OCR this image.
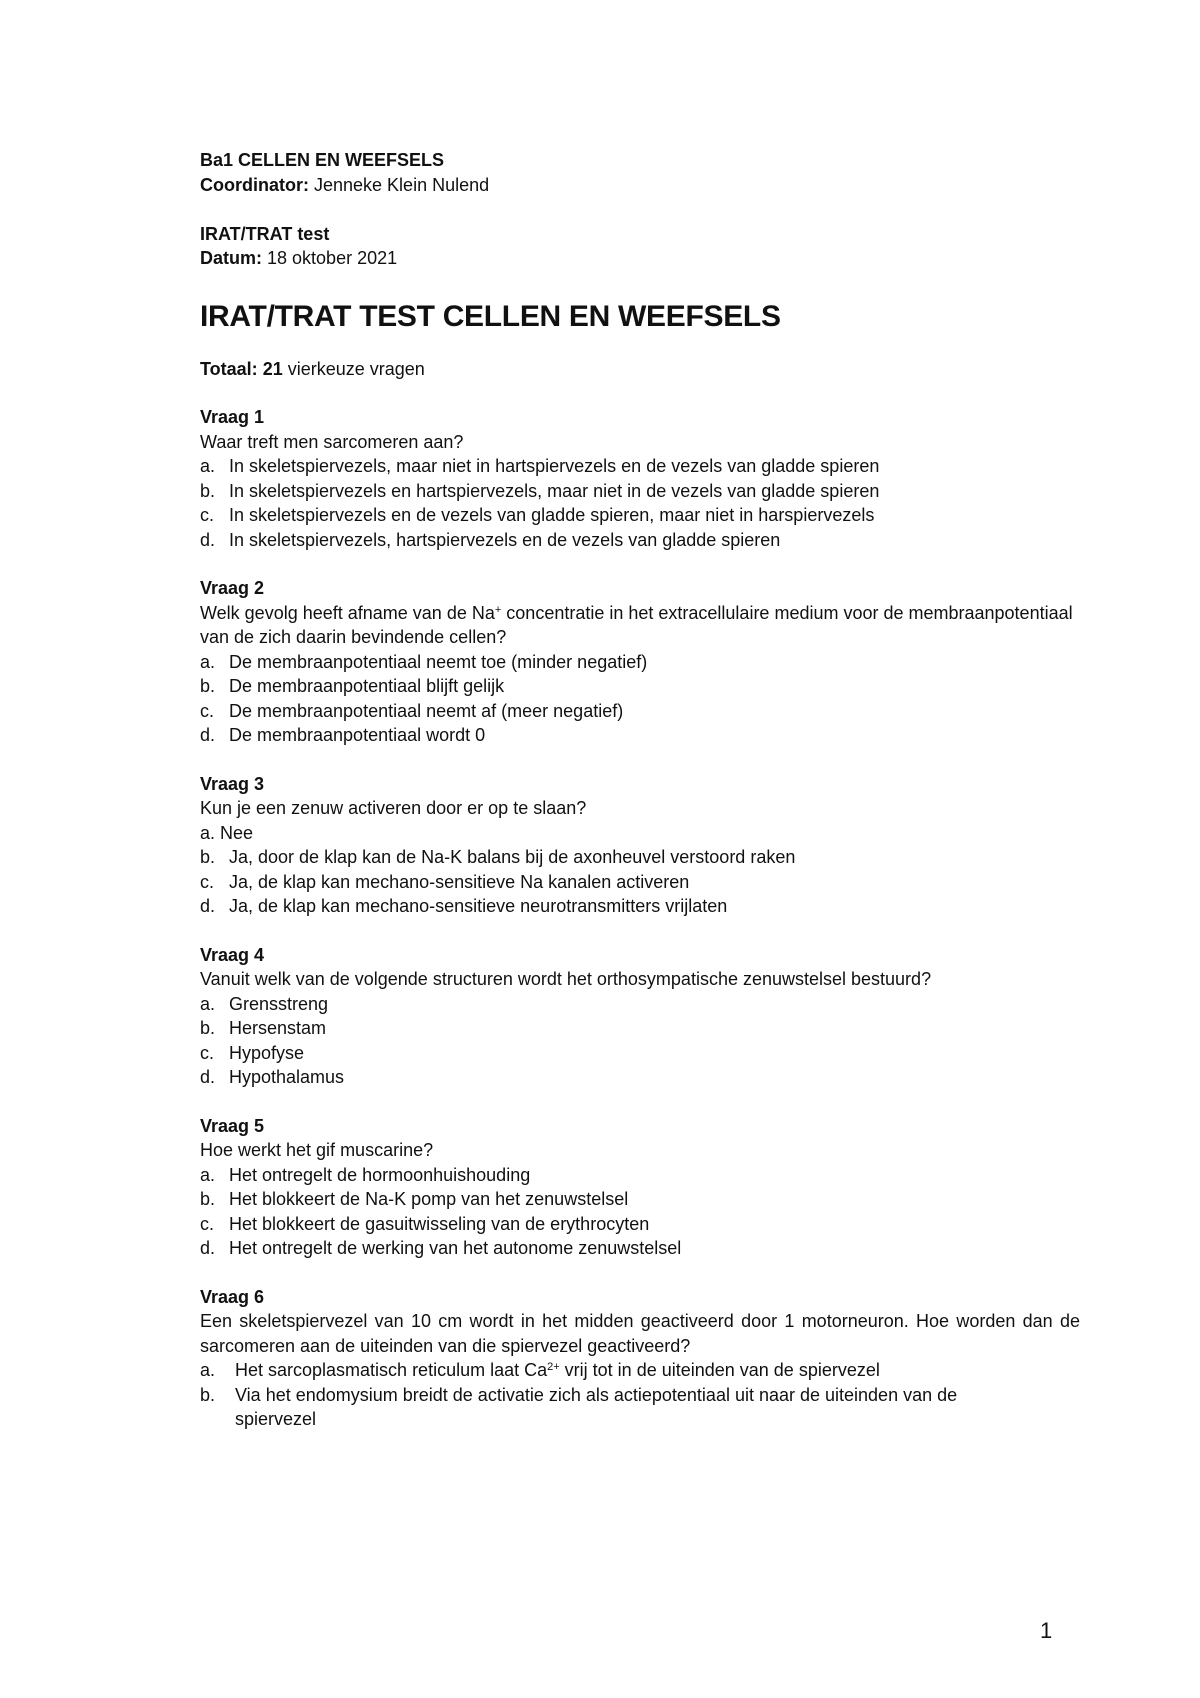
Ba1 CELLEN EN WEEFSELS
Coordinator: Jenneke Klein Nulend
IRAT/TRAT test
Datum: 18 oktober 2021
IRAT/TRAT TEST CELLEN EN WEEFSELS
Totaal: 21 vierkeuze vragen
Vraag 1
Waar treft men sarcomeren aan?
a. In skeletspiervezels, maar niet in hartspiervezels en de vezels van gladde spieren
b. In skeletspiervezels en hartspiervezels, maar niet in de vezels van gladde spieren
c. In skeletspiervezels en de vezels van gladde spieren, maar niet in harspiervezels
d. In skeletspiervezels, hartspiervezels en de vezels van gladde spieren
Vraag 2
Welk gevolg heeft afname van de Na+ concentratie in het extracellulaire medium voor de membraanpotentiaal van de zich daarin bevindende cellen?
a. De membraanpotentiaal neemt toe (minder negatief)
b. De membraanpotentiaal blijft gelijk
c. De membraanpotentiaal neemt af (meer negatief)
d. De membraanpotentiaal wordt 0
Vraag 3
Kun je een zenuw activeren door er op te slaan?
a. Nee
b. Ja, door de klap kan de Na-K balans bij de axonheuvel verstoord raken
c. Ja, de klap kan mechano-sensitieve Na kanalen activeren
d. Ja, de klap kan mechano-sensitieve neurotransmitters vrijlaten
Vraag 4
Vanuit welk van de volgende structuren wordt het orthosympatische zenuwstelsel bestuurd?
a. Grensstreng
b. Hersenstam
c. Hypofyse
d. Hypothalamus
Vraag 5
Hoe werkt het gif muscarine?
a. Het ontregelt de hormoonhuishouding
b. Het blokkeert de Na-K pomp van het zenuwstelsel
c. Het blokkeert de gasuitwisseling van de erythrocyten
d. Het ontregelt de werking van het autonome zenuwstelsel
Vraag 6
Een skeletspiervezel van 10 cm wordt in het midden geactiveerd door 1 motorneuron. Hoe worden dan de sarcomeren aan de uiteinden van die spiervezel geactiveerd?
a.	Het sarcoplasmatisch reticulum laat $Ca^{2+}$ vrij tot in de uiteinden van de spiervezel
b.	Via het endomysium breidt de activatie zich als actiepotentiaal uit naar de uiteinden van de spiervezel
1
